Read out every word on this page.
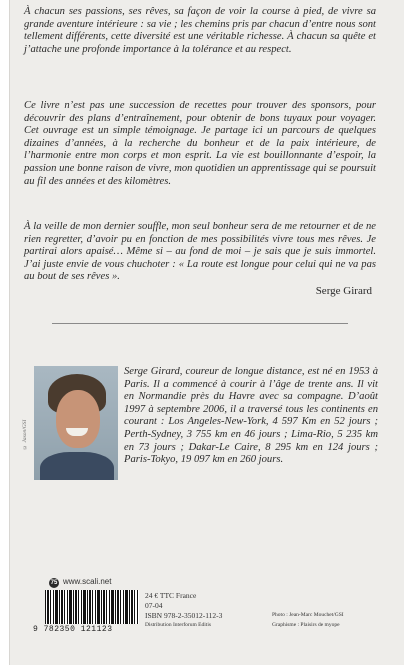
À chacun ses passions, ses rêves, sa façon de voir la course à pied, de vivre sa grande aventure intérieure : sa vie ; les chemins pris par chacun d’entre nous sont tellement différents, cette diversité est une véritable richesse. À chacun sa quête et j’attache une profonde importance à la tolérance et au respect.

Ce livre n’est pas une succession de recettes pour trouver des sponsors, pour découvrir des plans d’entraînement, pour obtenir de bons tuyaux pour voyager. Cet ouvrage est un simple témoignage. Je partage ici un parcours de quelques dizaines d’années, à la recherche du bonheur et de la paix intérieure, de l’harmonie entre mon corps et mon esprit. La vie est bouillonnante d’espoir, la passion une bonne raison de vivre, mon quotidien un apprentissage qui se poursuit au fil des années et des kilomètres.

À la veille de mon dernier souffle, mon seul bonheur sera de me retourner et de ne rien regretter, d’avoir pu en fonction de mes possibilités vivre tous mes rêves. Je partirai alors apaisé… Même si – au fond de moi – je sais que je suis immortel. J’ai juste envie de vous chuchoter : « La route est longue pour celui qui ne va pas au bout de ses rêves ».

Serge Girard

© Jason/GSI

Serge Girard, coureur de longue distance, est né en 1953 à Paris. Il a commencé à courir à l’âge de trente ans. Il vit en Normandie près du Havre avec sa compagne. D’août 1997 à septembre 2006, il a traversé tous les continents en courant : Los Angeles-New-York, 4 597 Km en 52 jours ; Perth-Sydney, 3 755 km en 46 jours ; Lima-Rio, 5 235 km en 73 jours ; Dakar-Le Caire, 8 295 km en 124 jours ; Paris-Tokyo, 19 097 km en 260 jours.

75 www.scali.net

9 782350 121123

24 € TTC France

07-04

ISBN 978-2-35012-112-3

Distribution Interforum Editis

Photo : Jean-Marc Mouchet/GSI

Graphisme : Plaisirs de myope
